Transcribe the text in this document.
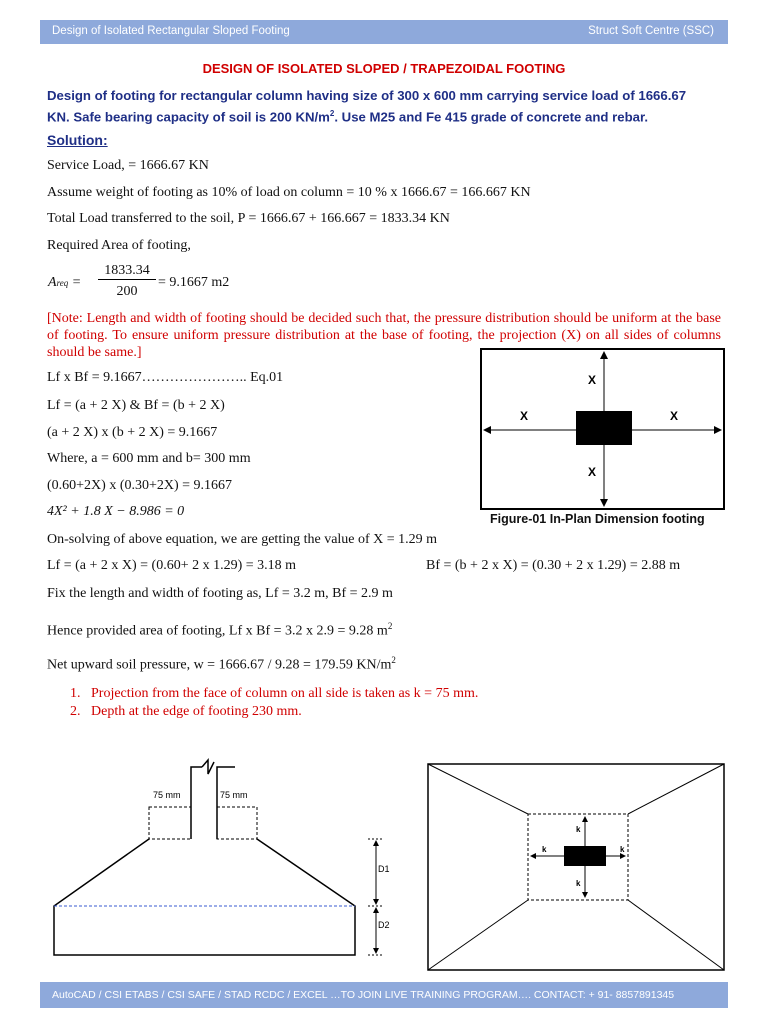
Design of Isolated Rectangular Sloped Footing	Struct Soft Centre (SSC)
DESIGN OF ISOLATED SLOPED / TRAPEZOIDAL FOOTING
Design of footing for rectangular column having size of 300 x 600 mm carrying service load of 1666.67
KN. Safe bearing capacity of soil is 200 $KN/m^2$. Use M25 and Fe 415 grade of concrete and rebar.
Solution:
Service Load, = 1666.67 KN
Assume weight of footing as 10% of load on column = 10 % x 1666.67 = 166.667 KN
Total Load transferred to the soil, P = 1666.67 + 166.667 = 1833.34 KN
Required Area of footing,
Areq =
1833.34
200
= 9.1667 m2
[Note: Length and width of footing should be decided such that, the pressure distribution should be uniform at the base of footing. To ensure uniform pressure distribution at the base of footing, the projection (X) on all sides of columns should be same.]
Lf x Bf = 9.1667………………….. Eq.01
Lf = (a + 2 X) & Bf = (b + 2 X)
(a + 2 X) x (b + 2 X) = 9.1667
Where, a = 600 mm and b= 300 mm
(0.60+2X) x (0.30+2X) = 9.1667
4X² + 1.8 X − 8.986 = 0
On-solving of above equation, we are getting the value of X = 1.29 m
Lf = (a + 2 x X) = (0.60+ 2 x 1.29) = 3.18 m	Bf = (b + 2 x X) = (0.30 + 2 x 1.29) = 2.88 m
Fix the length and width of footing as, Lf = 3.2 m, Bf = 2.9 m
Hence provided area of footing, Lf x Bf = 3.2 x 2.9 = 9.28 $m^2$
Net upward soil pressure, w = 1666.67 / 9.28 = 179.59 $KN/m^2$
X
X
X	X
Figure-01 In-Plan Dimension footing
1. Projection from the face of column on all side is taken as k = 75 mm.
2. Depth at the edge of footing 230 mm.
D1
D2
75 mm	75 mm
k
k
k	k
AutoCAD / CSI ETABS / CSI SAFE / STAD RCDC / EXCEL …TO JOIN LIVE TRAINING PROGRAM…. CONTACT: + 91- 8857891345
